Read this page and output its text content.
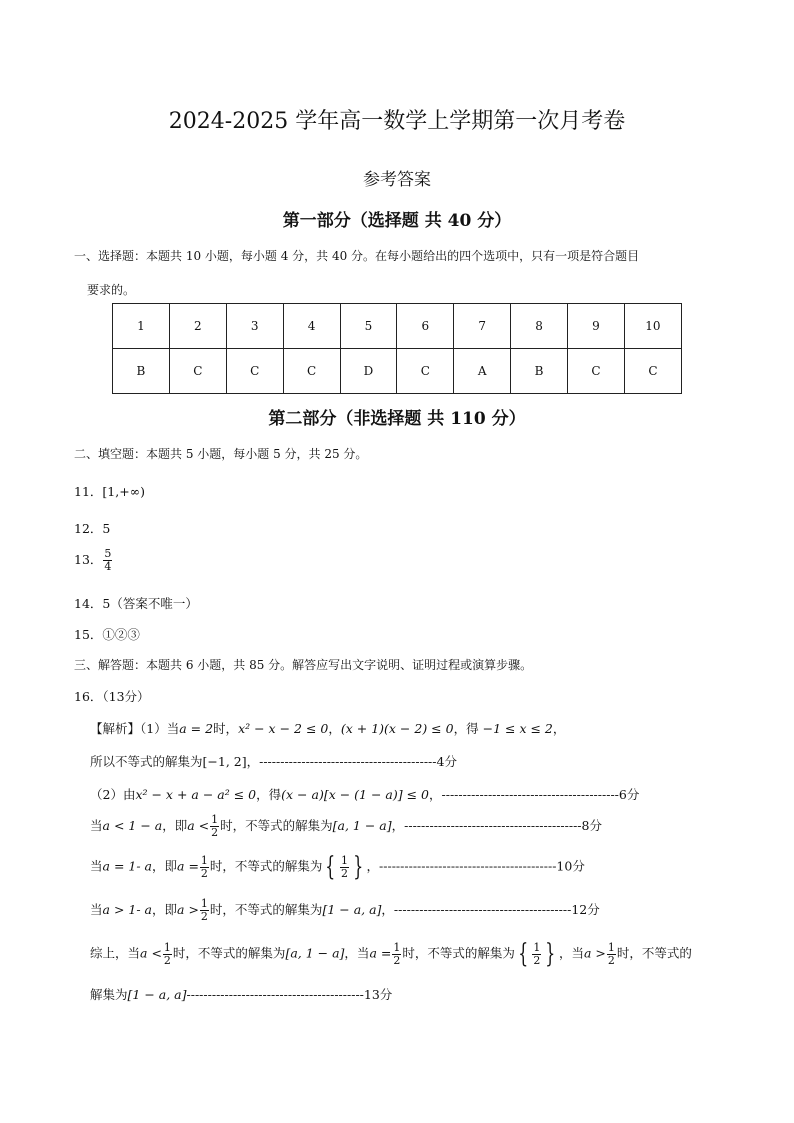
2024-2025 学年高一数学上学期第一次月考卷
参考答案
第一部分（选择题 共 40 分）
一、选择题：本题共 10 小题，每小题 4 分，共 40 分。在每小题给出的四个选项中，只有一项是符合题目
要求的。
1	2	3	4	5	6	7	8	9	10
B	C	C	C	D	C	A	B	C	C
第二部分（非选择题 共 110 分）
二、填空题：本题共 5 小题，每小题 5 分，共 25 分。
11．[1,+∞)
12．5
13． $\frac{5}{4}$
14．5（答案不唯一）
15．①②③
三、解答题：本题共 6 小题，共 85 分。解答应写出文字说明、证明过程或演算步骤。
16．（13分）
【解析】（1）当a = 2时，x² − x − 2 ≤ 0，(x + 1)(x − 2) ≤ 0，得 −1 ≤ x ≤ 2，
所以不等式的解集为[−1, 2]，------------------------------------------4分
（2）由x² − x + a − a² ≤ 0，得(x − a)[x − (1 − a)] ≤ 0，------------------------------------------6分
当a < 1 − a，即$a < \frac{1}{2}$ 时，不等式的解集为[a, 1 − a]，------------------------------------------8分
当a = 1- a，即$a = \frac{1}{2}$ 时，不等式的解集为 { $\frac{1}{2}$ } ，------------------------------------------10分
当a > 1- a，即$a > \frac{1}{2}$ 时，不等式的解集为[1 − a, a]，------------------------------------------12分
综上，当$a < \frac{1}{2}$ 时，不等式的解集为[a, 1 − a]，当$a = \frac{1}{2}$ 时，不等式的解集为 { $\frac{1}{2}$ } ，当$a > \frac{1}{2}$ 时，不等式的
解集为[1 − a, a]------------------------------------------13分
